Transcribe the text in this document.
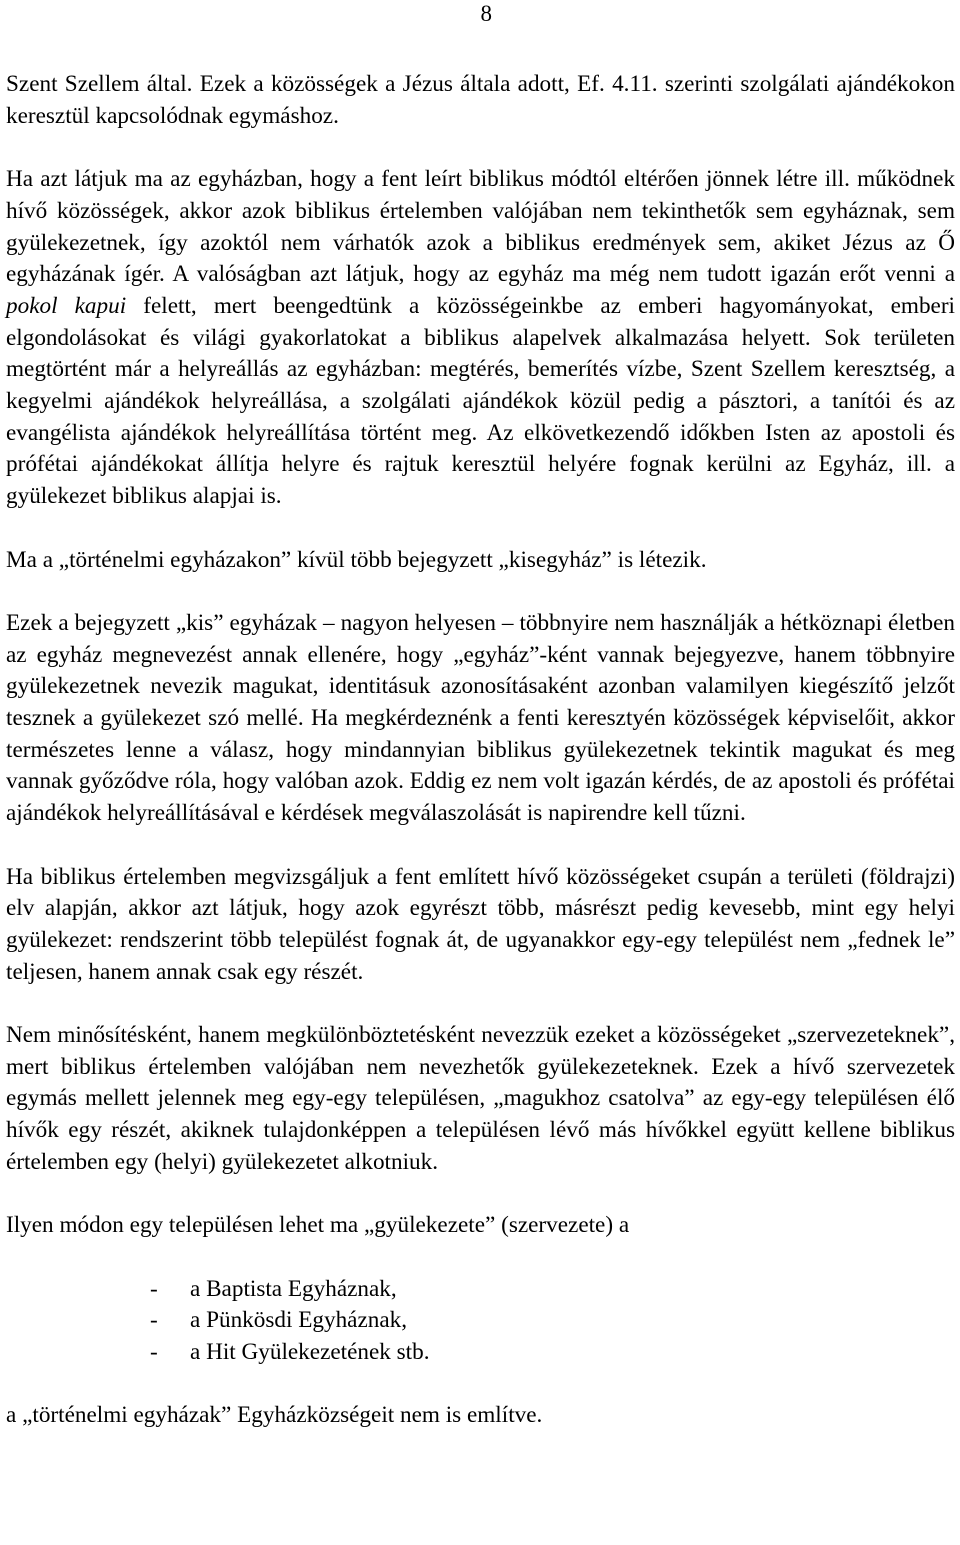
8

Szent Szellem által. Ezek a közösségek a Jézus általa adott, Ef. 4.11. szerinti szolgálati ajándékokon keresztül kapcsolódnak egymáshoz.

Ha azt látjuk ma az egyházban, hogy a fent leírt biblikus módtól eltérően jönnek létre ill. működnek hívő közösségek, akkor azok biblikus értelemben valójában nem tekinthetők sem egyháznak, sem gyülekezetnek, így azoktól nem várhatók azok a biblikus eredmények sem, akiket Jézus az Ő egyházának ígér. A valóságban azt látjuk, hogy az egyház ma még nem tudott igazán erőt venni a pokol kapui felett, mert beengedtünk a közösségeinkbe az emberi hagyományokat, emberi elgondolásokat és világi gyakorlatokat a biblikus alapelvek alkalmazása helyett. Sok területen megtörtént már a helyreállás az egyházban: megtérés, bemerítés vízbe, Szent Szellem keresztség, a kegyelmi ajándékok helyreállása, a szolgálati ajándékok közül pedig a pásztori, a tanítói és az evangélista ajándékok helyreállítása történt meg. Az elkövetkezendő időkben Isten az apostoli és prófétai ajándékokat állítja helyre és rajtuk keresztül helyére fognak kerülni az Egyház, ill. a gyülekezet biblikus alapjai is.

Ma a „történelmi egyházakon” kívül több bejegyzett „kisegyház” is létezik.

Ezek a bejegyzett „kis” egyházak – nagyon helyesen – többnyire nem használják a hétköznapi életben az egyház megnevezést annak ellenére, hogy „egyház”-ként vannak bejegyezve, hanem többnyire gyülekezetnek nevezik magukat, identitásuk azonosításaként azonban valamilyen kiegészítő jelzőt tesznek a gyülekezet szó mellé. Ha megkérdeznénk a fenti keresztyén közösségek képviselőit, akkor természetes lenne a válasz, hogy mindannyian biblikus gyülekezetnek tekintik magukat és meg vannak győződve róla, hogy valóban azok. Eddig ez nem volt igazán kérdés, de az apostoli és prófétai ajándékok helyreállításával e kérdések megválaszolását is napirendre kell tűzni.

Ha biblikus értelemben megvizsgáljuk a fent említett hívő közösségeket csupán a területi (földrajzi) elv alapján, akkor azt látjuk, hogy azok egyrészt több, másrészt pedig kevesebb, mint egy helyi gyülekezet: rendszerint több települést fognak át, de ugyanakkor egy-egy települést nem „fednek le” teljesen, hanem annak csak egy részét.

Nem minősítésként, hanem megkülönböztetésként nevezzük ezeket a közösségeket „szervezeteknek”, mert biblikus értelemben valójában nem nevezhetők gyülekezeteknek. Ezek a hívő szervezetek egymás mellett jelennek meg egy-egy településen, „magukhoz csatolva” az egy-egy településen élő hívők egy részét, akiknek tulajdonképpen a településen lévő más hívőkkel együtt kellene biblikus értelemben egy (helyi) gyülekezetet alkotniuk.

Ilyen módon egy településen lehet ma „gyülekezete” (szervezete) a

- a Baptista Egyháznak,
- a Pünkösdi Egyháznak,
- a Hit Gyülekezetének stb.

a „történelmi egyházak” Egyházközségeit nem is említve.
